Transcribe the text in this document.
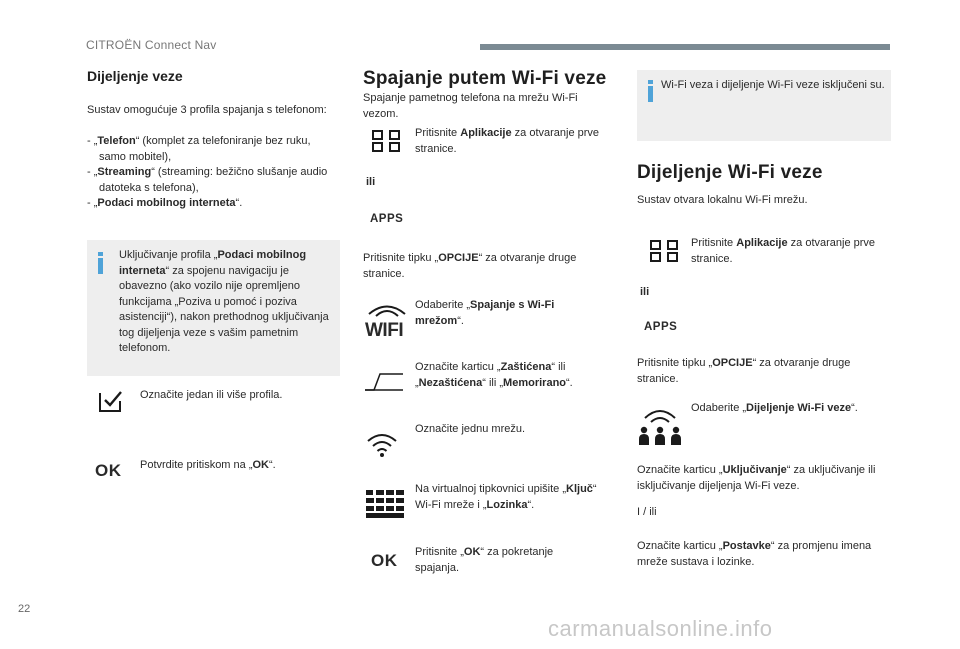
CITROËN Connect Nav
Dijeljenje veze
Sustav omogućuje 3 profila spajanja s telefonom:
- „Telefon“ (komplet za telefoniranje bez ruku, samo mobitel),
- „Streaming“ (streaming: bežično slušanje audio datoteka s telefona),
- „Podaci mobilnog interneta“.
Uključivanje profila „Podaci mobilnog interneta“ za spojenu navigaciju je obavezno (ako vozilo nije opremljeno funkcijama „Poziva u pomoć i poziva asistenciji“), nakon prethodnog uključivanja tog dijeljenja veze s vašim pametnim telefonom.
Označite jedan ili više profila.
OK Potvrdite pritiskom na „OK“.
Spajanje putem Wi-Fi veze
Spajanje pametnog telefona na mrežu Wi-Fi vezom.
Pritisnite Aplikacije za otvaranje prve stranice.
ili
APPS
Pritisnite tipku „OPCIJE“ za otvaranje druge stranice.
WIFI
Odaberite „Spajanje s Wi-Fi mrežom“.
Označite karticu „Zaštićena“ ili „Nezaštićena“ ili „Memorirano“.
Označite jednu mrežu.
Na virtualnoj tipkovnici upišite „Ključ“ Wi-Fi mreže i „Lozinka“.
OK Pritisnite „OK“ za pokretanje spajanja.
Wi-Fi veza i dijeljenje Wi-Fi veze isključeni su.
Dijeljenje Wi-Fi veze
Sustav otvara lokalnu Wi-Fi mrežu.
Pritisnite Aplikacije za otvaranje prve stranice.
ili
APPS
Pritisnite tipku „OPCIJE“ za otvaranje druge stranice.
Odaberite „Dijeljenje Wi-Fi veze“.
Označite karticu „Uključivanje“ za uključivanje ili isključivanje dijeljenja Wi-Fi veze.
I / ili
Označite karticu „Postavke“ za promjenu imena mreže sustava i lozinke.
22
carmanualsonline.info
